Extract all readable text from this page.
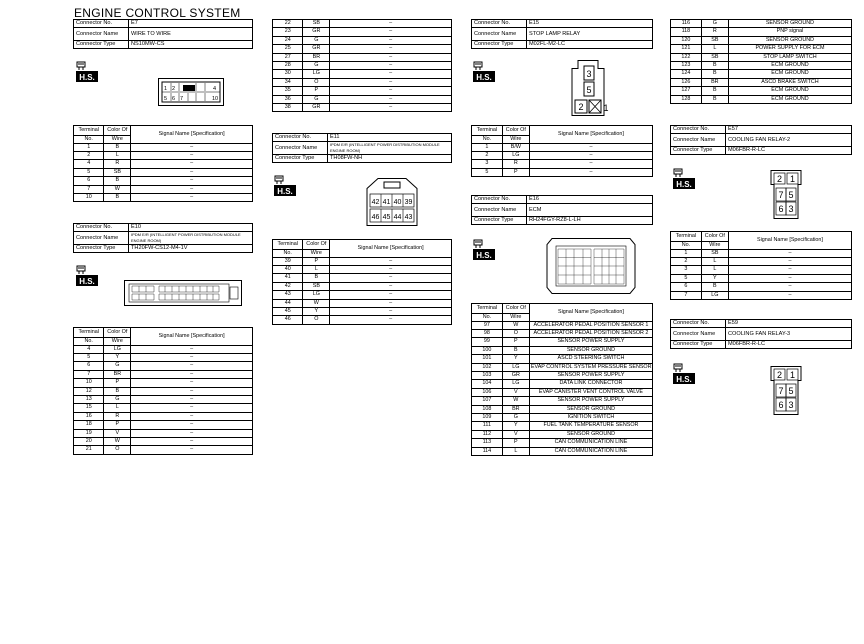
ENGINE CONTROL SYSTEM
Connector No.	E7
Connector Name	WIRE TO WIRE
Connector Type	NS10MW-CS
H.S.
1 2	4
5 6 7	10
Terminal	Color Of	Signal Name [Specification]
No.	Wire	
1	B	–
2	L	–
4	R	–
5	SB	–
6	B	–
7	W	–
10	B	–
Connector No.	E10
Connector Name	IPDM E/R (INTELLIGENT POWER DISTRIBUTION MODULE ENGINE ROOM)
Connector Type	TH20FW-CS12-M4-1V
H.S.
Terminal	Color Of	Signal Name [Specification]
No.	Wire	
4	LG	–
5	Y	–
6	G	–
7	BR	–
10	P	–
12	B	–
13	G	–
15	L	–
16	R	–
18	P	–
19	V	–
20	W	–
21	O	–
22	SB	–
23	GR	–
24	G	–
25	GR	–
27	BR	–
28	G	–
30	LG	–
34	O	–
35	P	–
36	G	–
38	GR	–
Connector No.	E11
Connector Name	IPDM E/R (INTELLIGENT POWER DISTRIBUTION MODULE ENGINE ROOM)
Connector Type	TH08FW-NH
H.S.
42 41 40 39
46 45 44 43
Terminal	Color Of	Signal Name [Specification]
No.	Wire	
39	P	–
40	L	–
41	B	–
42	SB	–
43	LG	–
44	W	–
45	Y	–
46	O	–
Connector No.	E15
Connector Name	STOP LAMP RELAY
Connector Type	M02FL-M2-LC
H.S.	3
5
2 1
Terminal	Color Of	Signal Name [Specification]
No.	Wire	
1	B/W	–
2	LG	–
3	R	–
5	P	–
Connector No.	E16
Connector Name	ECM
Connector Type	RH24FGY-RZ8-L-LH
H.S.
Terminal	Color Of	Signal Name [Specification]
No.	Wire	
97	W	ACCELERATOR PEDAL POSITION SENSOR 1
98	O	ACCELERATOR PEDAL POSITION SENSOR 2
99	P	SENSOR POWER SUPPLY
100	B	SENSOR GROUND
101	Y	ASCD STEERING SWITCH
102	LG	EVAP CONTROL SYSTEM PRESSURE SENSOR
103	GR	SENSOR POWER SUPPLY
104	LG	DATA LINK CONNECTOR
106	V	EVAP CANISTER VENT CONTROL VALVE
107	W	SENSOR POWER SUPPLY
108	BR	SENSOR GROUND
109	G	IGNITION SWITCH
111	Y	FUEL TANK TEMPERATURE SENSOR
112	V	SENSOR GROUND
113	P	CAN COMMUNICATION LINE
114	L	CAN COMMUNICATION LINE
116	G	SENSOR GROUND
118	R	PNP signal
120	SB	SENSOR GROUND
121	L	POWER SUPPLY FOR ECM
122	SB	STOP LAMP SWITCH
123	B	ECM GROUND
124	B	ECM GROUND
126	BR	ASCD BRAKE SWITCH
127	B	ECM GROUND
128	B	ECM GROUND
Connector No.	E57
Connector Name	COOLING FAN RELAY-2
Connector Type	M06FBR-R-LC
H.S.
2 1
7 5
6 3
Terminal	Color Of	Signal Name [Specification]
No.	Wire	
1	SB	–
2	L	–
3	L	–
5	Y	–
6	B	–
7	LG	–
Connector No.	E59
Connector Name	COOLING FAN RELAY-3
Connector Type	M06FBR-R-LC
H.S.	2 1
7 5
6 3
